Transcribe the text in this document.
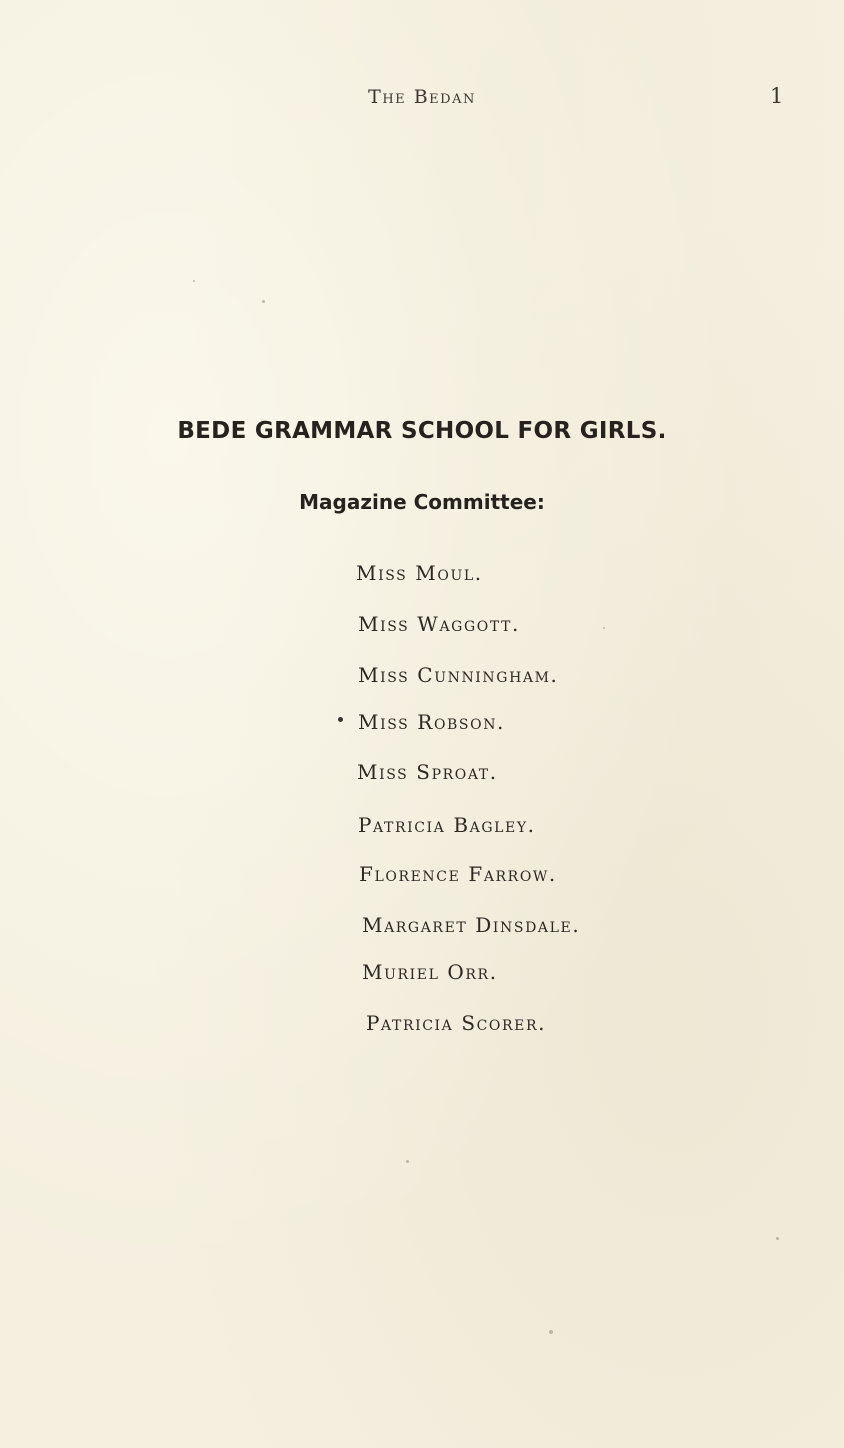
The Bedan	1
BEDE GRAMMAR SCHOOL FOR GIRLS.
Magazine Committee:
Miss Moul.
Miss Waggott.
Miss Cunningham.
Miss Robson.
Miss Sproat.
Patricia Bagley.
Florence Farrow.
Margaret Dinsdale.
Muriel Orr.
Patricia Scorer.
